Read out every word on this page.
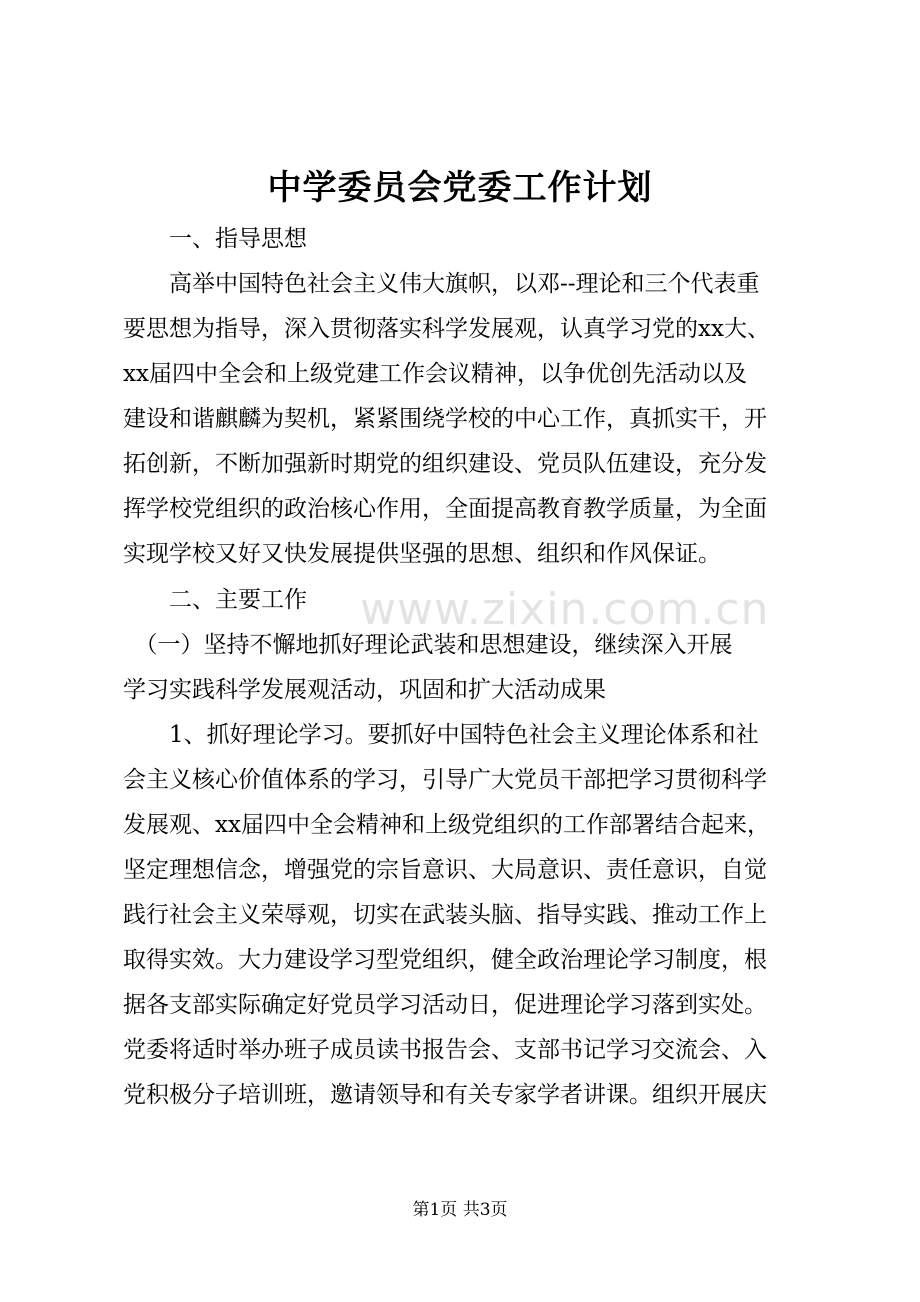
www.zixin.com.cn
中学委员会党委工作计划

　　一、指导思想

　　高举中国特色社会主义伟大旗帜，以邓--理论和三个代表重

要思想为指导，深入贯彻落实科学发展观，认真学习党的xx大、

xx届四中全会和上级党建工作会议精神，以争优创先活动以及

建设和谐麒麟为契机，紧紧围绕学校的中心工作，真抓实干，开

拓创新，不断加强新时期党的组织建设、党员队伍建设，充分发

挥学校党组织的政治核心作用，全面提高教育教学质量，为全面

实现学校又好又快发展提供坚强的思想、组织和作风保证。

　　二、主要工作

　（一）坚持不懈地抓好理论武装和思想建设，继续深入开展

学习实践科学发展观活动，巩固和扩大活动成果

　　1、抓好理论学习。要抓好中国特色社会主义理论体系和社

会主义核心价值体系的学习，引导广大党员干部把学习贯彻科学

发展观、xx届四中全会精神和上级党组织的工作部署结合起来，

坚定理想信念，增强党的宗旨意识、大局意识、责任意识，自觉

践行社会主义荣辱观，切实在武装头脑、指导实践、推动工作上

取得实效。大力建设学习型党组织，健全政治理论学习制度，根

据各支部实际确定好党员学习活动日，促进理论学习落到实处。

党委将适时举办班子成员读书报告会、支部书记学习交流会、入

党积极分子培训班，邀请领导和有关专家学者讲课。组织开展庆

第1页 共3页
